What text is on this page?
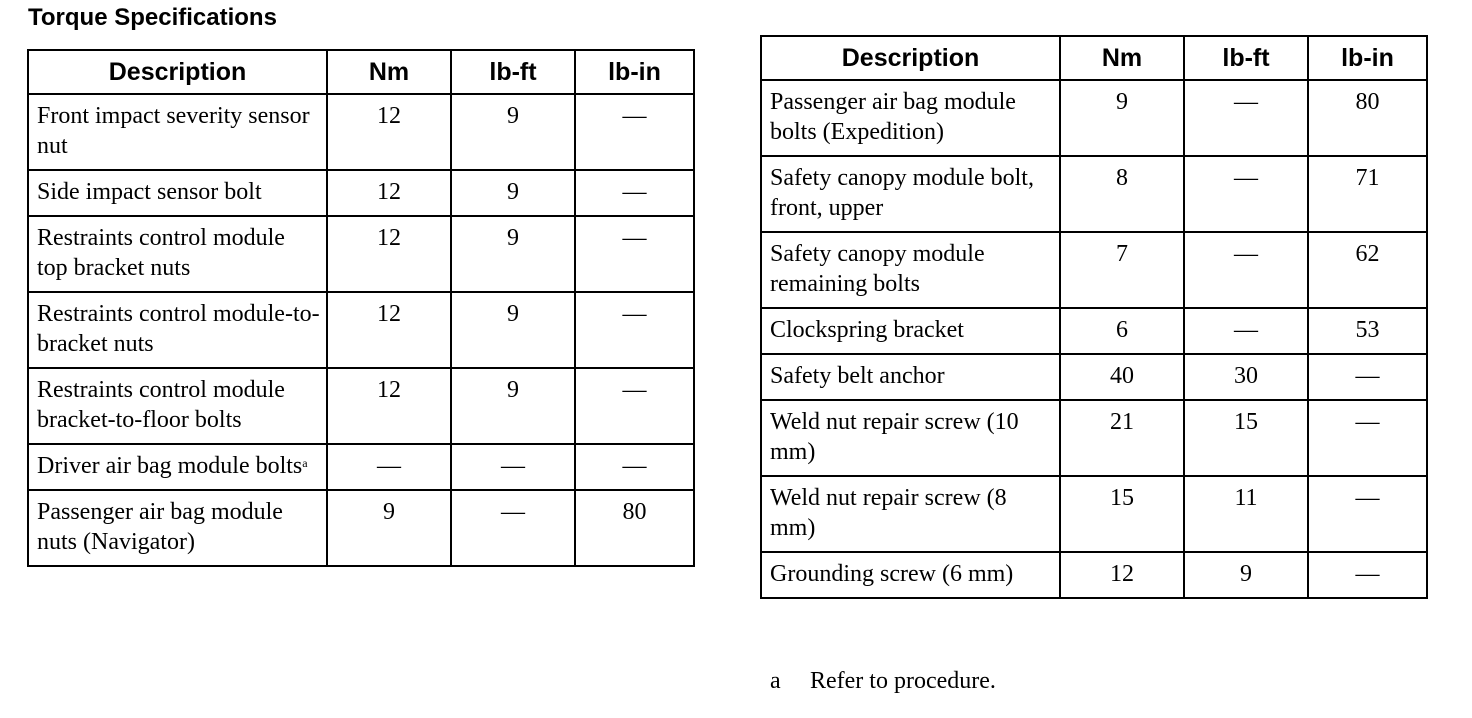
Torque Specifications
Description	Nm	lb-ft	lb-in
Front impact severity sensor nut	12	9	—
Side impact sensor bolt	12	9	—
Restraints control module top bracket nuts	12	9	—
Restraints control module-to-bracket nuts	12	9	—
Restraints control module bracket-to-floor bolts	12	9	—
Driver air bag module bolts$^a$	—	—	—
Passenger air bag module nuts (Navigator)	9	—	80
Description	Nm	lb-ft	lb-in
Passenger air bag module bolts (Expedition)	9	—	80
Safety canopy module bolt, front, upper	8	—	71
Safety canopy module remaining bolts	7	—	62
Clockspring bracket	6	—	53
Safety belt anchor	40	30	—
Weld nut repair screw (10 mm)	21	15	—
Weld nut repair screw (8 mm)	15	11	—
Grounding screw (6 mm)	12	9	—
a Refer to procedure.
